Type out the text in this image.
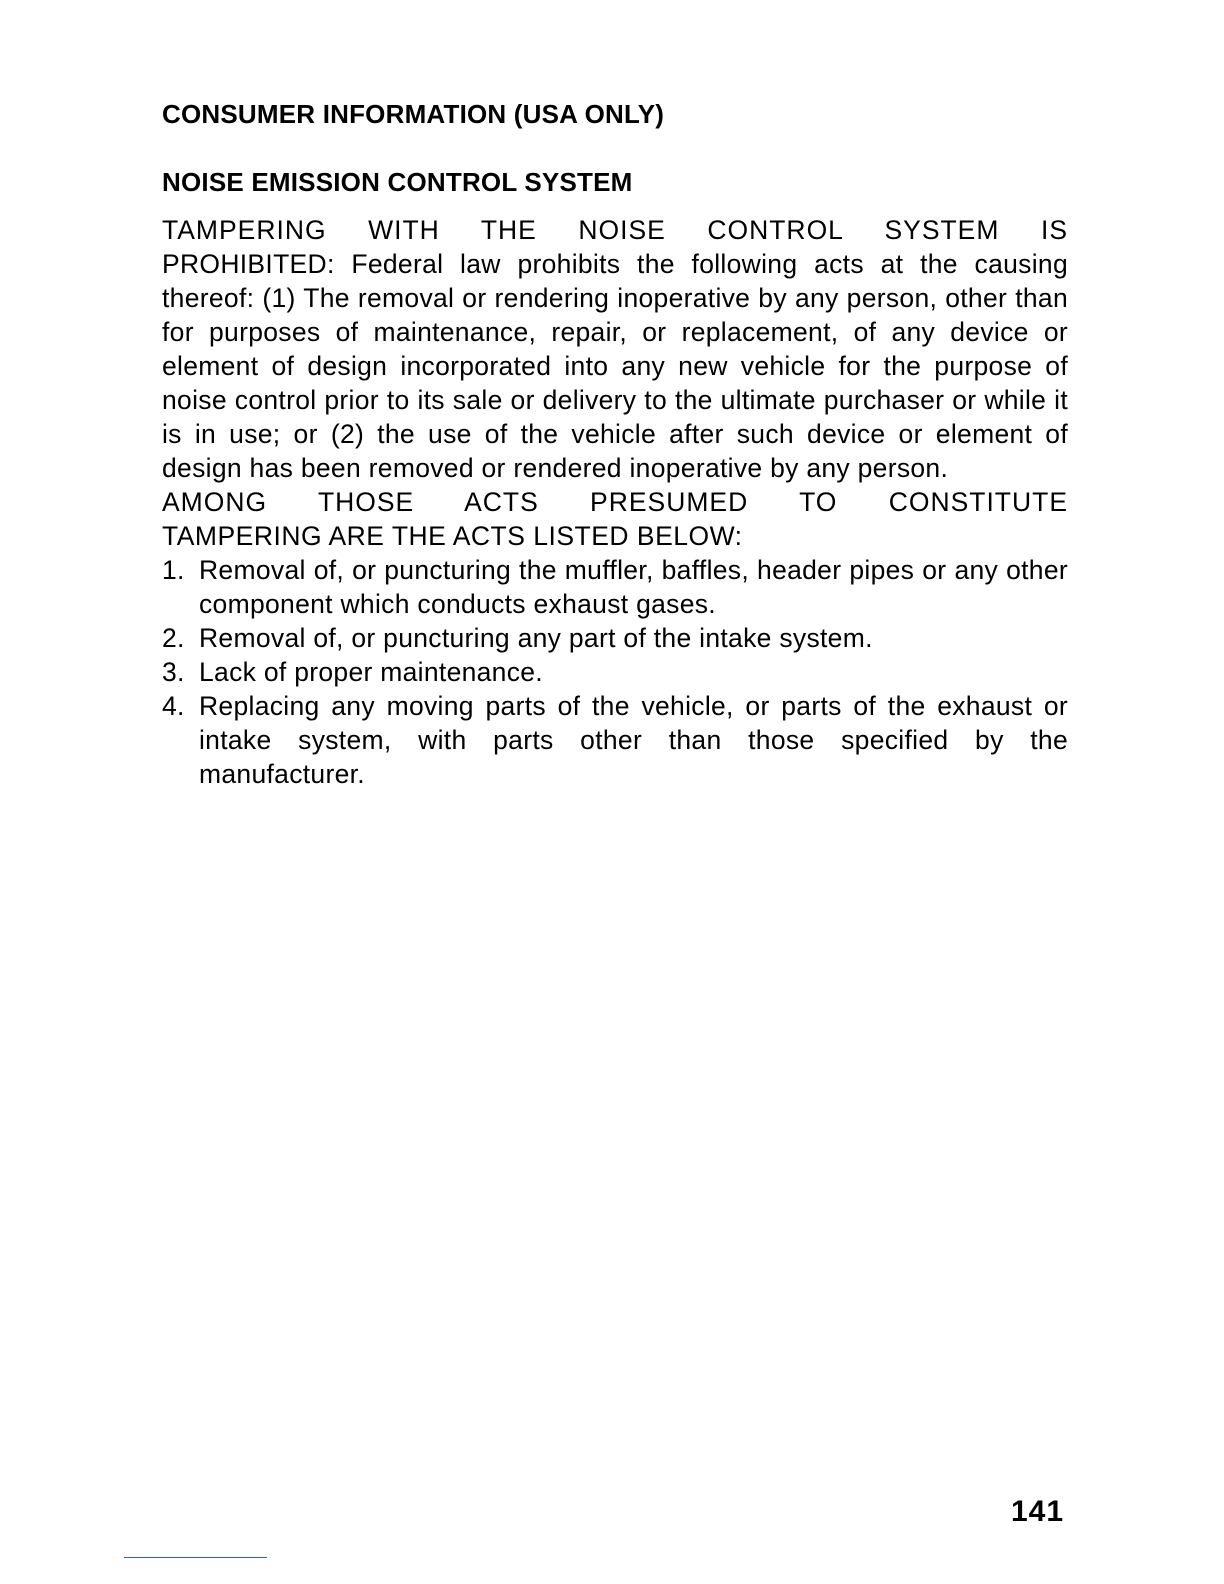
CONSUMER INFORMATION (USA ONLY)
NOISE EMISSION CONTROL SYSTEM

TAMPERING WITH THE NOISE CONTROL SYSTEM IS

PROHIBITED: Federal law prohibits the following acts at the causing thereof: (1) The removal or rendering inoperative by any person, other than for purposes of maintenance, repair, or replacement, of any device or element of design incorporated into any new vehicle for the purpose of noise control prior to its sale or delivery to the ultimate purchaser or while it is in use; or (2) the use of the vehicle after such device or element of design has been removed or rendered inoperative by any person.

AMONG THOSE ACTS PRESUMED TO CONSTITUTE

TAMPERING ARE THE ACTS LISTED BELOW:

1. Removal of, or puncturing the muffler, baffles, header pipes or any other component which conducts exhaust gases.
2. Removal of, or puncturing any part of the intake system.
3. Lack of proper maintenance.
4. Replacing any moving parts of the vehicle, or parts of the exhaust or intake system, with parts other than those specified by the manufacturer.
141
